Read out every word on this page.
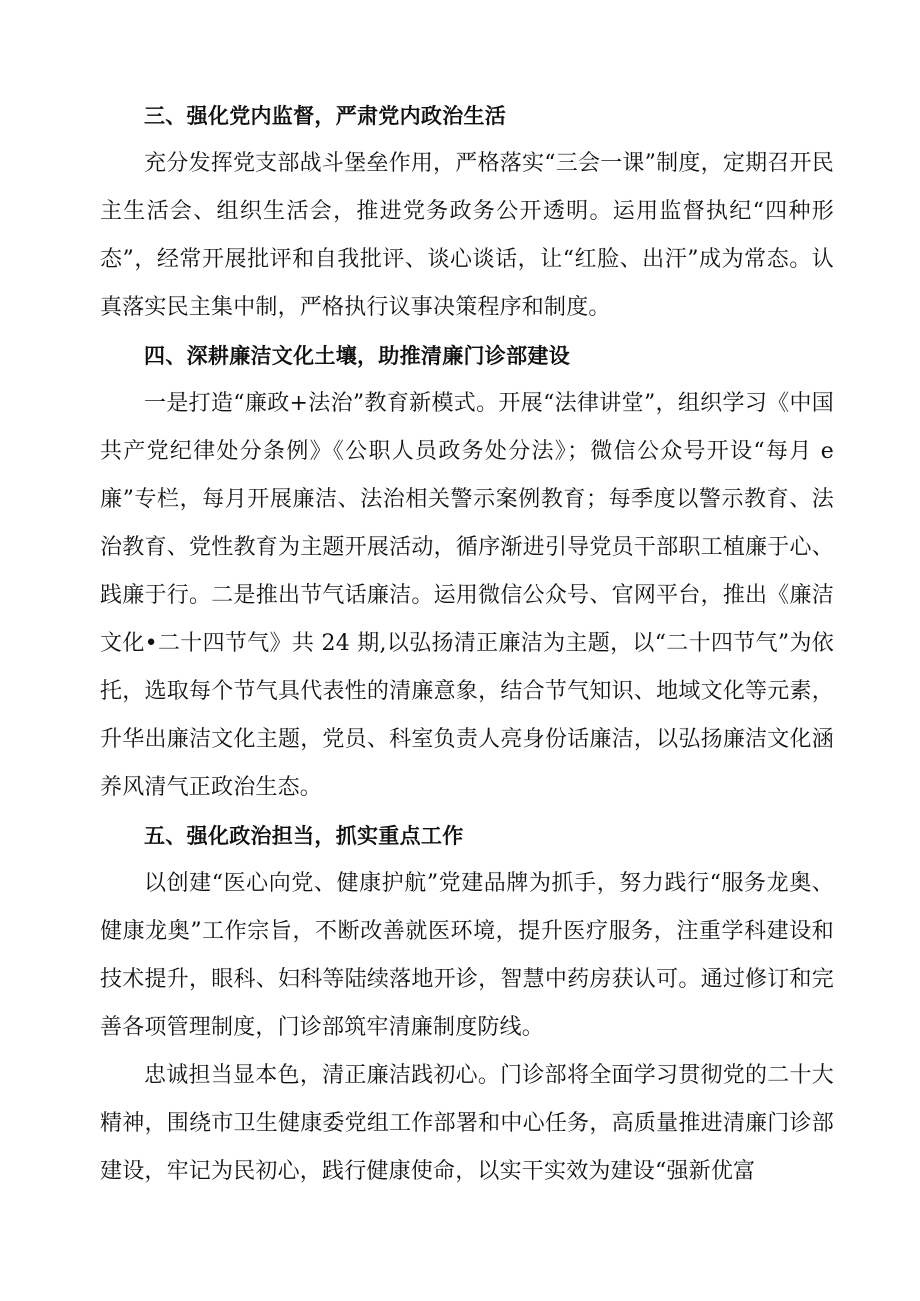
三、强化党内监督，严肃党内政治生活

充分发挥党支部战斗堡垒作用，严格落实“三会一课”制度，定期召开民主生活会、组织生活会，推进党务政务公开透明。运用监督执纪“四种形态”，经常开展批评和自我批评、谈心谈话，让“红脸、出汗”成为常态。认真落实民主集中制，严格执行议事决策程序和制度。

四、深耕廉洁文化土壤，助推清廉门诊部建设

一是打造“廉政+法治”教育新模式。开展“法律讲堂”，组织学习《中国共产党纪律处分条例》《公职人员政务处分法》；微信公众号开设“每月 e 廉”专栏，每月开展廉洁、法治相关警示案例教育；每季度以警示教育、法治教育、党性教育为主题开展活动，循序渐进引导党员干部职工植廉于心、践廉于行。二是推出节气话廉洁。运用微信公众号、官网平台，推出《廉洁文化•二十四节气》共 24 期,以弘扬清正廉洁为主题，以“二十四节气”为依托，选取每个节气具代表性的清廉意象，结合节气知识、地域文化等元素，升华出廉洁文化主题，党员、科室负责人亮身份话廉洁，以弘扬廉洁文化涵养风清气正政治生态。

五、强化政治担当，抓实重点工作

以创建“医心向党、健康护航”党建品牌为抓手，努力践行“服务龙奥、健康龙奥”工作宗旨，不断改善就医环境，提升医疗服务，注重学科建设和技术提升，眼科、妇科等陆续落地开诊，智慧中药房获认可。通过修订和完善各项管理制度，门诊部筑牢清廉制度防线。

忠诚担当显本色，清正廉洁践初心。门诊部将全面学习贯彻党的二十大精神，围绕市卫生健康委党组工作部署和中心任务，高质量推进清廉门诊部建设，牢记为民初心，践行健康使命，以实干实效为建设“强新优富
